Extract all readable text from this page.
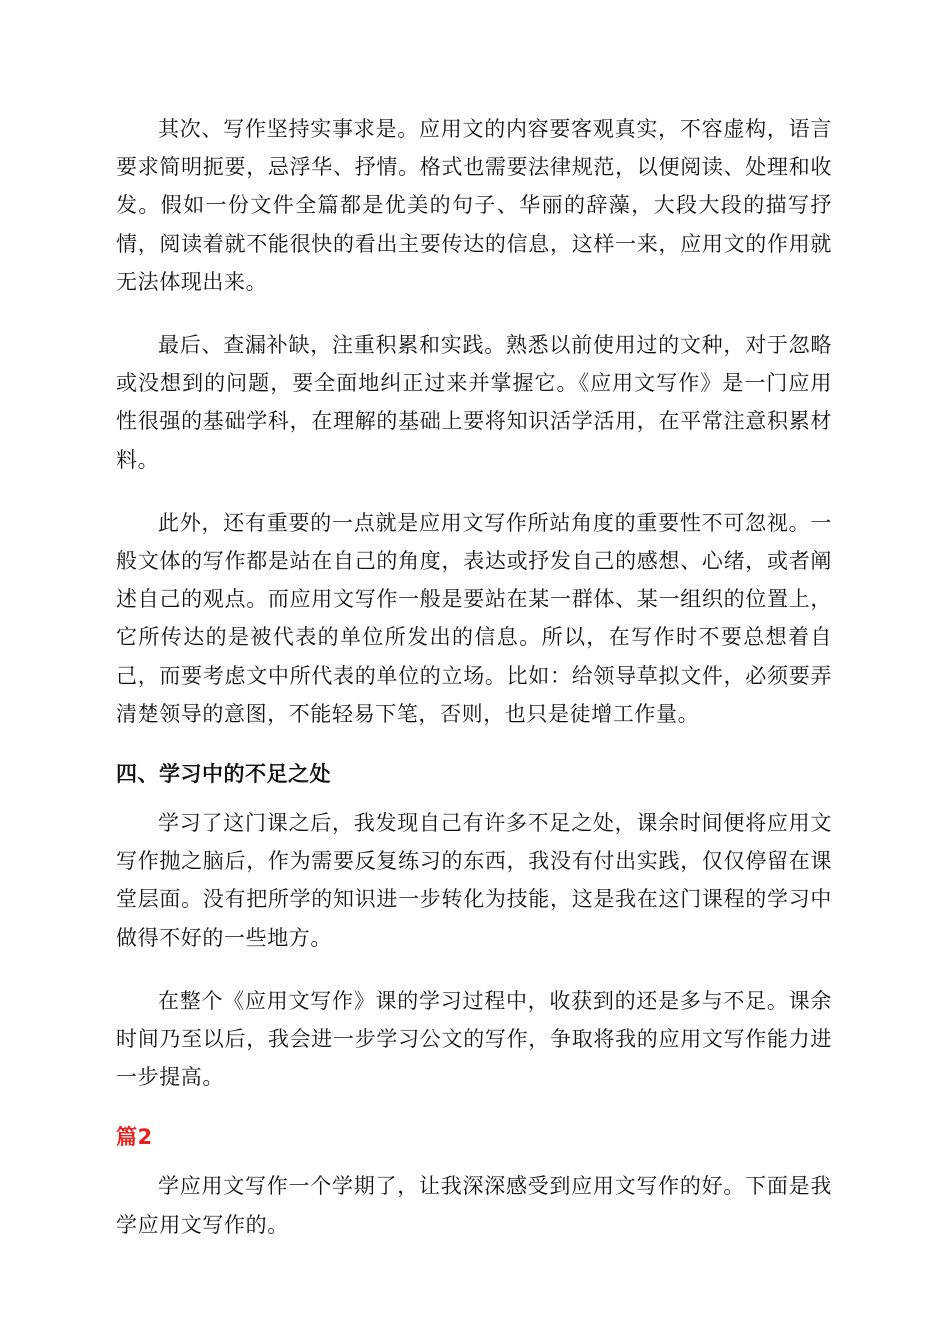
其次、写作坚持实事求是。应用文的内容要客观真实，不容虚构，语言要求简明扼要，忌浮华、抒情。格式也需要法律规范，以便阅读、处理和收发。假如一份文件全篇都是优美的句子、华丽的辞藻，大段大段的描写抒情，阅读着就不能很快的看出主要传达的信息，这样一来，应用文的作用就无法体现出来。

最后、查漏补缺，注重积累和实践。熟悉以前使用过的文种，对于忽略或没想到的问题，要全面地纠正过来并掌握它。《应用文写作》是一门应用性很强的基础学科，在理解的基础上要将知识活学活用，在平常注意积累材料。

此外，还有重要的一点就是应用文写作所站角度的重要性不可忽视。一般文体的写作都是站在自己的角度，表达或抒发自己的感想、心绪，或者阐述自己的观点。而应用文写作一般是要站在某一群体、某一组织的位置上，它所传达的是被代表的单位所发出的信息。所以，在写作时不要总想着自己，而要考虑文中所代表的单位的立场。比如：给领导草拟文件，必须要弄清楚领导的意图，不能轻易下笔，否则，也只是徒增工作量。

四、学习中的不足之处

学习了这门课之后，我发现自己有许多不足之处，课余时间便将应用文写作抛之脑后，作为需要反复练习的东西，我没有付出实践，仅仅停留在课堂层面。没有把所学的知识进一步转化为技能，这是我在这门课程的学习中做得不好的一些地方。

在整个《应用文写作》课的学习过程中，收获到的还是多与不足。课余时间乃至以后，我会进一步学习公文的写作，争取将我的应用文写作能力进一步提高。

篇2

学应用文写作一个学期了，让我深深感受到应用文写作的好。下面是我学应用文写作的。
